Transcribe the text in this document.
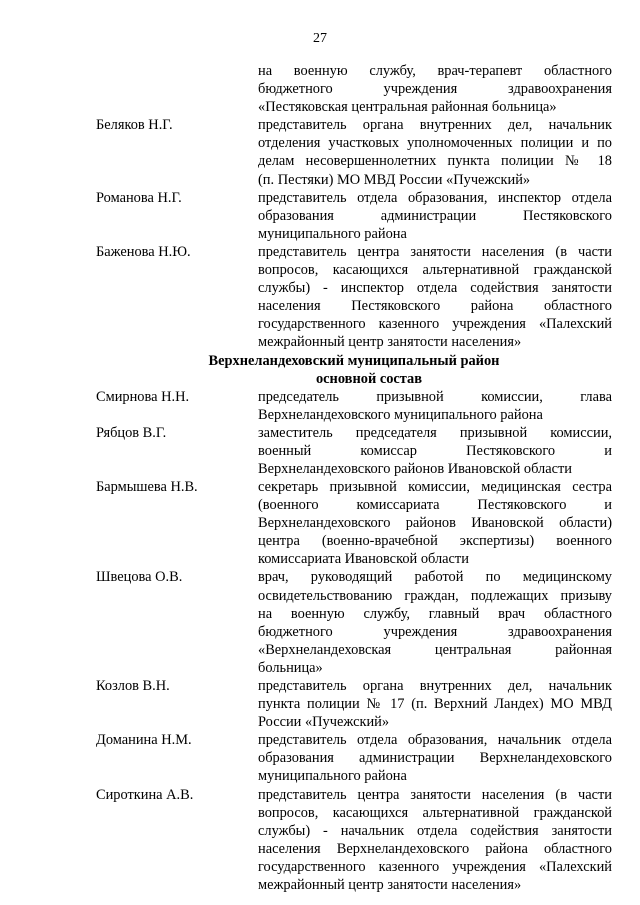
27
на военную службу, врач-терапевт областного
бюджетного учреждения здравоохранения
«Пестяковская центральная районная больница»
Беляков Н.Г.	представитель органа внутренних дел, начальник
отделения участковых уполномоченных полиции и по
делам несовершеннолетних пункта полиции № 18
(п. Пестяки) МО МВД России «Пучежский»
Романова Н.Г.	представитель отдела образования, инспектор отдела
образования администрации Пестяковского
муниципального района
Баженова Н.Ю.	представитель центра занятости населения (в части
вопросов, касающихся альтернативной гражданской
службы) - инспектор отдела содействия занятости
населения Пестяковского района областного
государственного казенного учреждения «Палехский
межрайонный центр занятости населения»
Верхнеландеховский муниципальный район
основной состав
Смирнова Н.Н.	председатель призывной комиссии, глава
Верхнеландеховского муниципального района
Рябцов В.Г.	заместитель председателя призывной комиссии,
военный комиссар Пестяковского и
Верхнеландеховского районов Ивановской области
Бармышева Н.В.	секретарь призывной комиссии, медицинская сестра
(военного комиссариата Пестяковского и
Верхнеландеховского районов Ивановской области)
центра (военно-врачебной экспертизы) военного
комиссариата Ивановской области
Швецова О.В.	врач, руководящий работой по медицинскому
освидетельствованию граждан, подлежащих призыву
на военную службу, главный врач областного
бюджетного учреждения здравоохранения
«Верхнеландеховская центральная районная
больница»
Козлов В.Н.	представитель органа внутренних дел, начальник
пункта полиции № 17 (п. Верхний Ландех) МО МВД
России «Пучежский»
Доманина Н.М.	представитель отдела образования, начальник отдела
образования администрации Верхнеландеховского
муниципального района
Сироткина А.В.	представитель центра занятости населения (в части
вопросов, касающихся альтернативной гражданской
службы) - начальник отдела содействия занятости
населения Верхнеландеховского района областного
государственного казенного учреждения «Палехский
межрайонный центр занятости населения»
